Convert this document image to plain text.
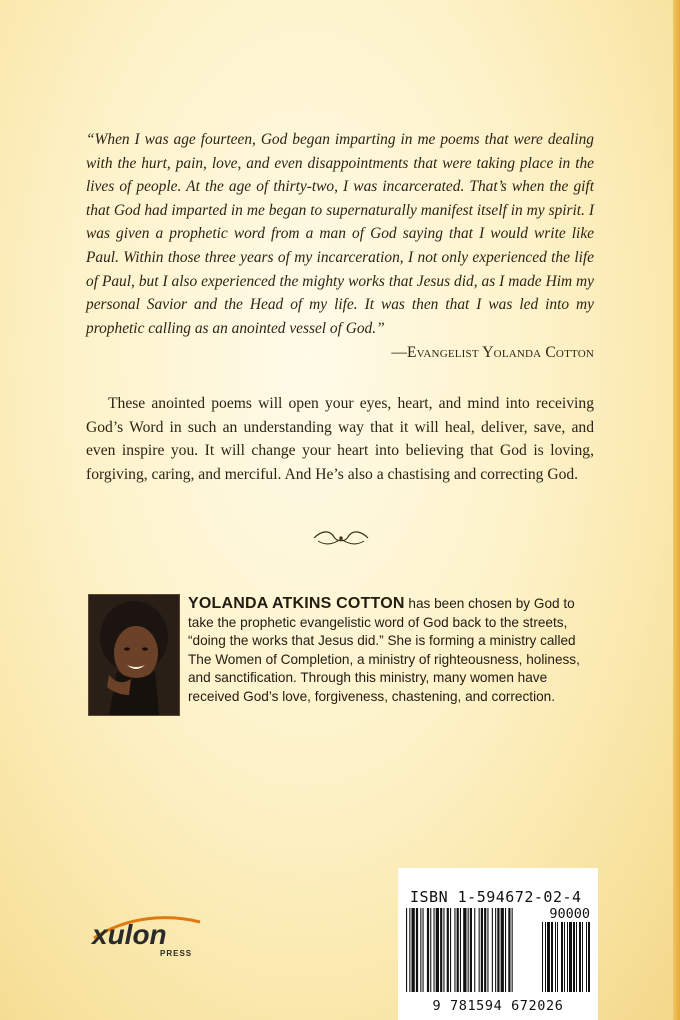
“When I was age fourteen, God began imparting in me poems that were dealing with the hurt, pain, love, and even disappointments that were taking place in the lives of people. At the age of thirty-two, I was incarcerated. That’s when the gift that God had imparted in me began to supernaturally manifest itself in my spirit. I was given a prophetic word from a man of God saying that I would write like Paul. Within those three years of my incarceration, I not only experienced the life of Paul, but I also experienced the mighty works that Jesus did, as I made Him my personal Savior and the Head of my life. It was then that I was led into my prophetic calling as an anointed vessel of God.”

—Evangelist Yolanda Cotton

These anointed poems will open your eyes, heart, and mind into receiving God’s Word in such an understanding way that it will heal, deliver, save, and even inspire you. It will change your heart into believing that God is loving, forgiving, caring, and merciful. And He’s also a chastising and correcting God.

YOLANDA ATKINS COTTON has been chosen by God to take the prophetic evangelistic word of God back to the streets, “doing the works that Jesus did.” She is forming a ministry called The Women of Completion, a ministry of righteousness, holiness, and sanctification. Through this ministry, many women have received God’s love, forgiveness, chastening, and correction.

xulon
PRESS
ISBN 1-594672-02-4
90000
9 781594 672026
